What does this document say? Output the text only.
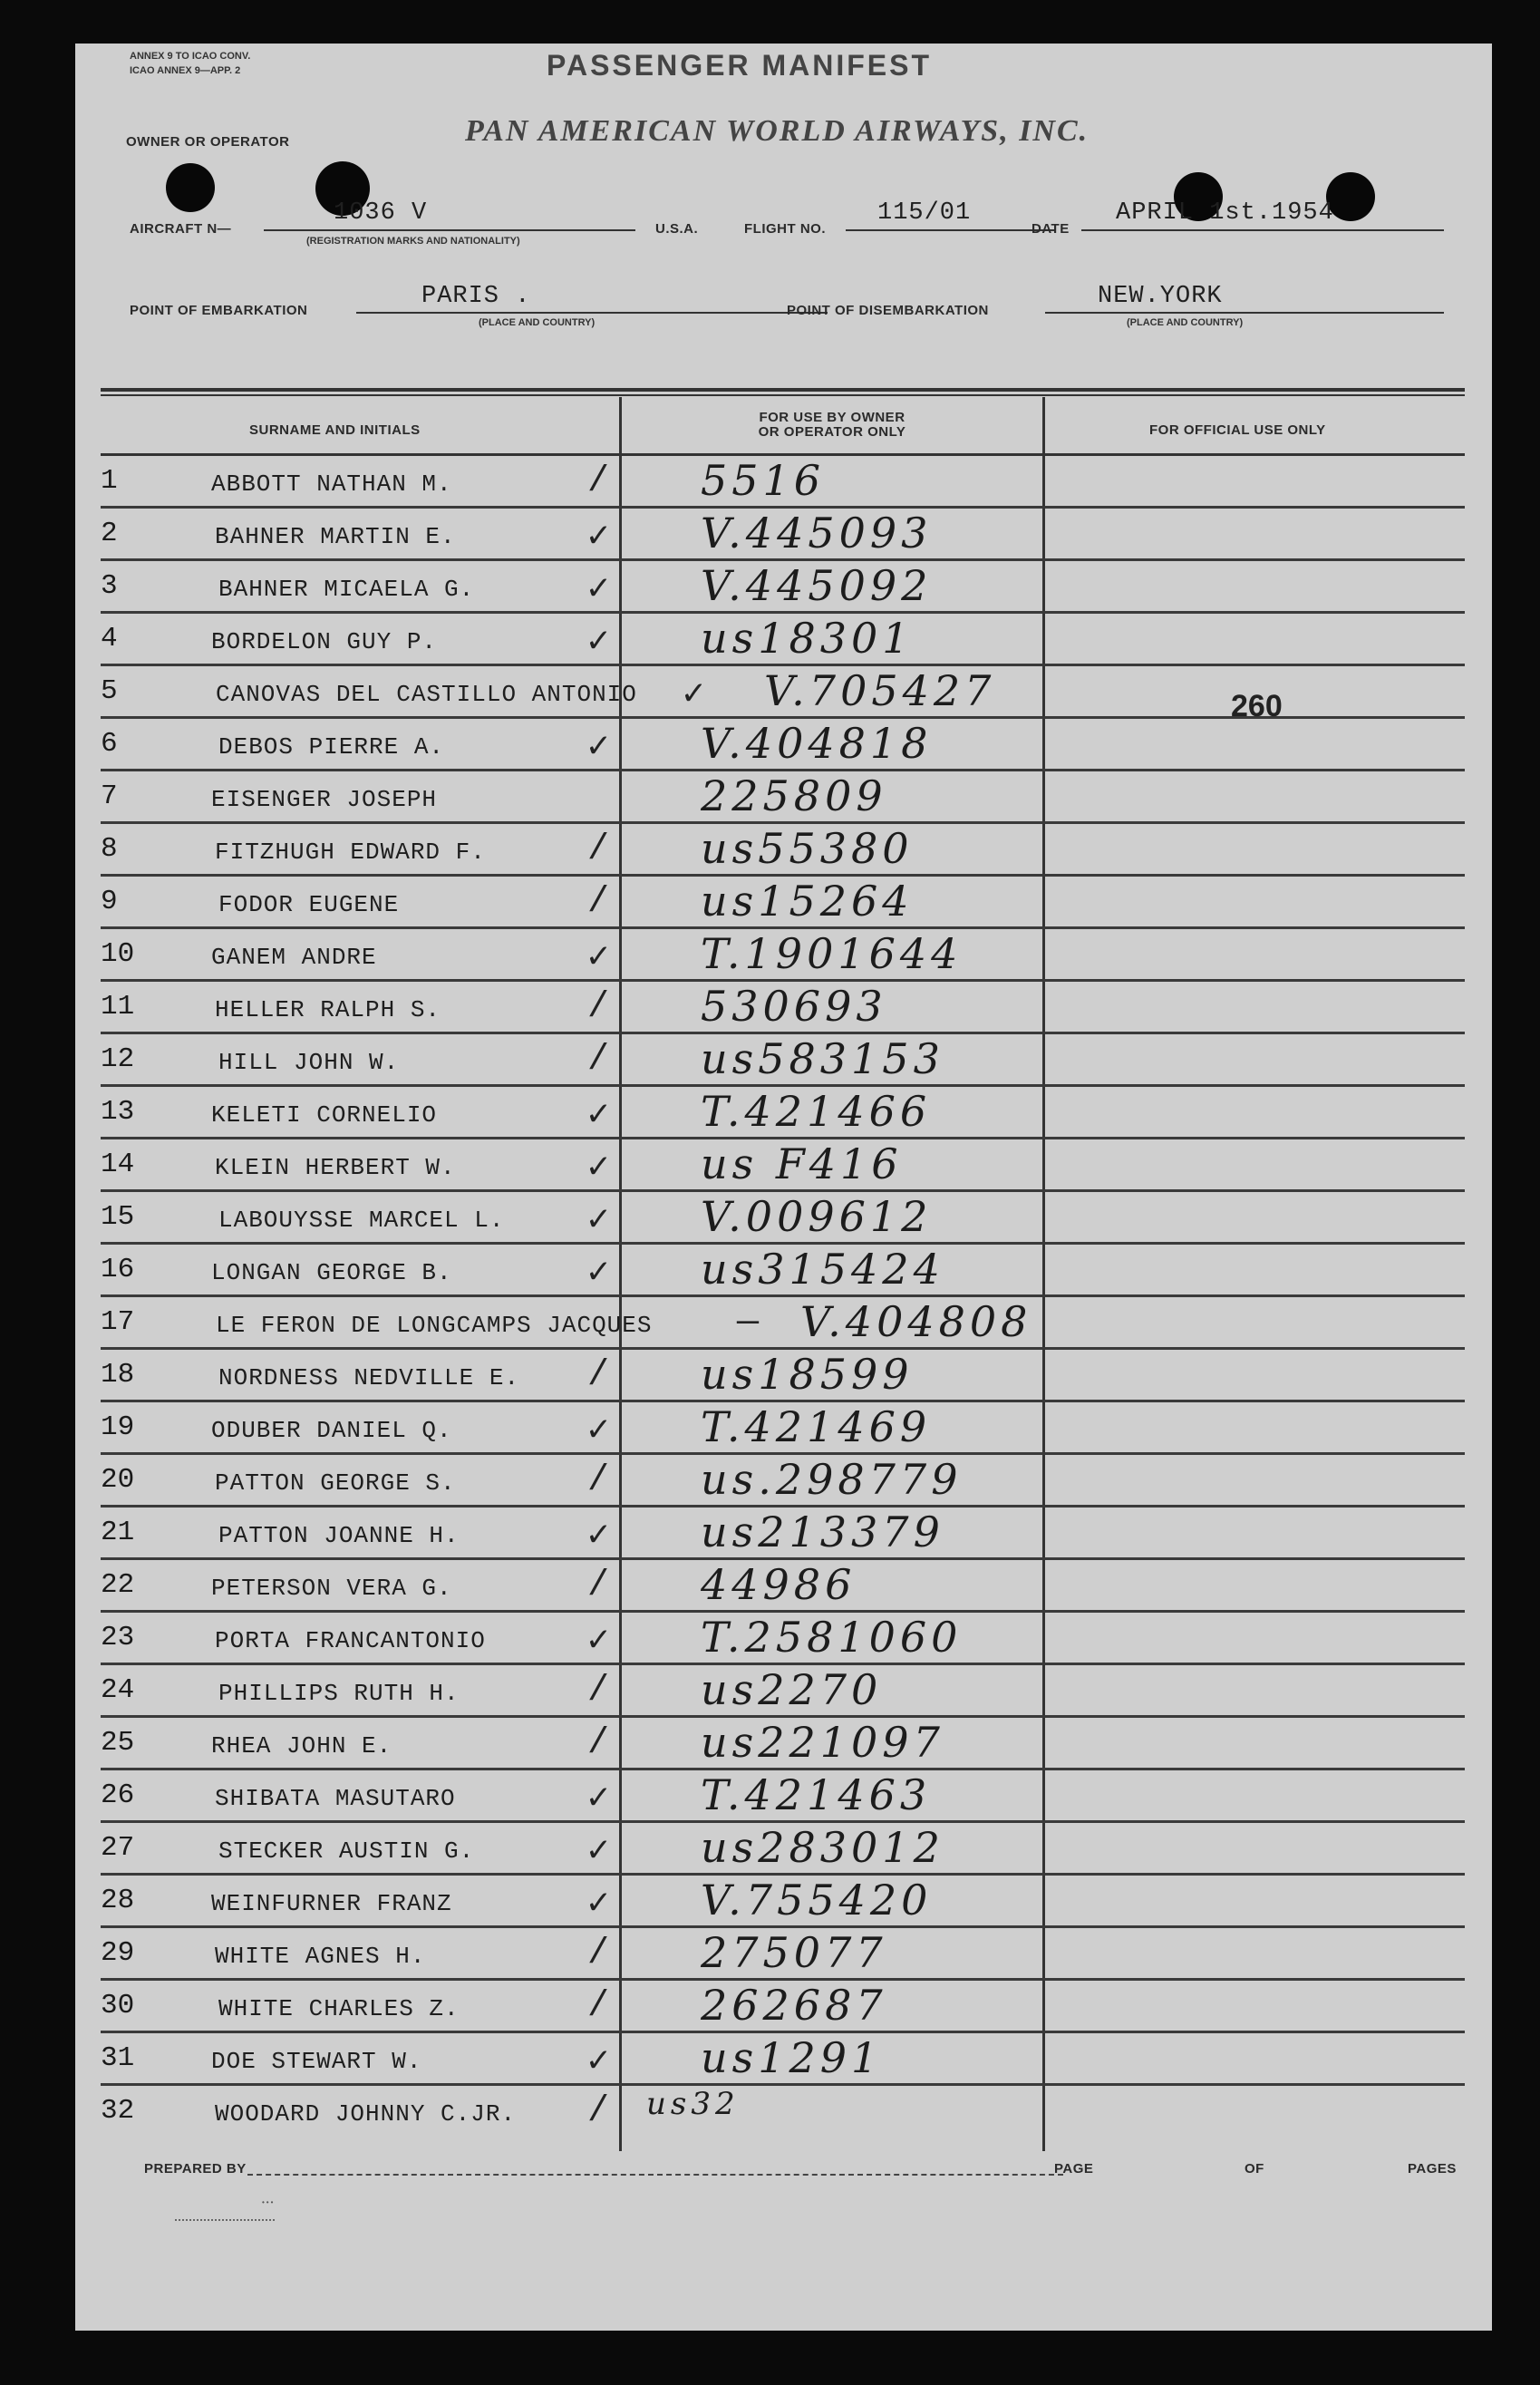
ANNEX 9 TO ICAO CONV.
ICAO ANNEX 9—APP. 2	PASSENGER MANIFEST
OWNER OR OPERATOR	PAN AMERICAN WORLD AIRWAYS, INC.
AIRCRAFT N—
1036 V
(REGISTRATION MARKS AND NATIONALITY)
U.S.A.	FLIGHT NO.
115/01
DATE
APRIL 1st.1954
POINT OF EMBARKATION
PARIS .
(PLACE AND COUNTRY)
POINT OF DISEMBARKATION
NEW.YORK
(PLACE AND COUNTRY)
SURNAME AND INITIALS
FOR USE BY OWNER
OR OPERATOR ONLY	FOR OFFICIAL USE ONLY
1	ABBOTT NATHAN M.	/ 5516
2	BAHNER MARTIN E.	✓ V.445093
3	BAHNER MICAELA G.	✓ V.445092
4	BORDELON GUY P.	✓ us18301
5	CANOVAS DEL CASTILLO ANTONIO ✓ V.705427
6	DEBOS PIERRE A.	✓ V.404818
7	EISENGER JOSEPH	225809
8	FITZHUGH EDWARD F.	/ us55380
9	FODOR EUGENE	/ us15264
10	GANEM ANDRE	✓ T.1901644
11	HELLER RALPH S.	/ 530693
12	HILL JOHN W.	/ us583153
13	KELETI CORNELIO	✓ T.421466
14	KLEIN HERBERT W.	✓ us F416
15	LABOUYSSE MARCEL L. ✓ V.009612
16	LONGAN GEORGE B.	✓ us315424
17	LE FERON DE LONGCAMPS JACQUES — V.404808
18	NORDNESS NEDVILLE E. / us18599
19	ODUBER DANIEL Q.	✓ T.421469
20	PATTON GEORGE S.	/ us.298779
21	PATTON JOANNE H.	✓ us213379
22	PETERSON VERA G.	/ 44986
23	PORTA FRANCANTONIO	✓ T.2581060
24	PHILLIPS RUTH H.	/ us2270
25	RHEA JOHN E.	/ us221097
26	SHIBATA MASUTARO	✓ T.421463
27	STECKER AUSTIN G.	✓ us283012
28	WEINFURNER FRANZ	✓ V.755420
29	WHITE AGNES H.	/ 275077
30	WHITE CHARLES Z.	/ 262687
31	DOE STEWART W.	✓ us1291
32	WOODARD JOHNNY C.JR. / us32
260
PREPARED BY	PAGE	OF	PAGES
•••
